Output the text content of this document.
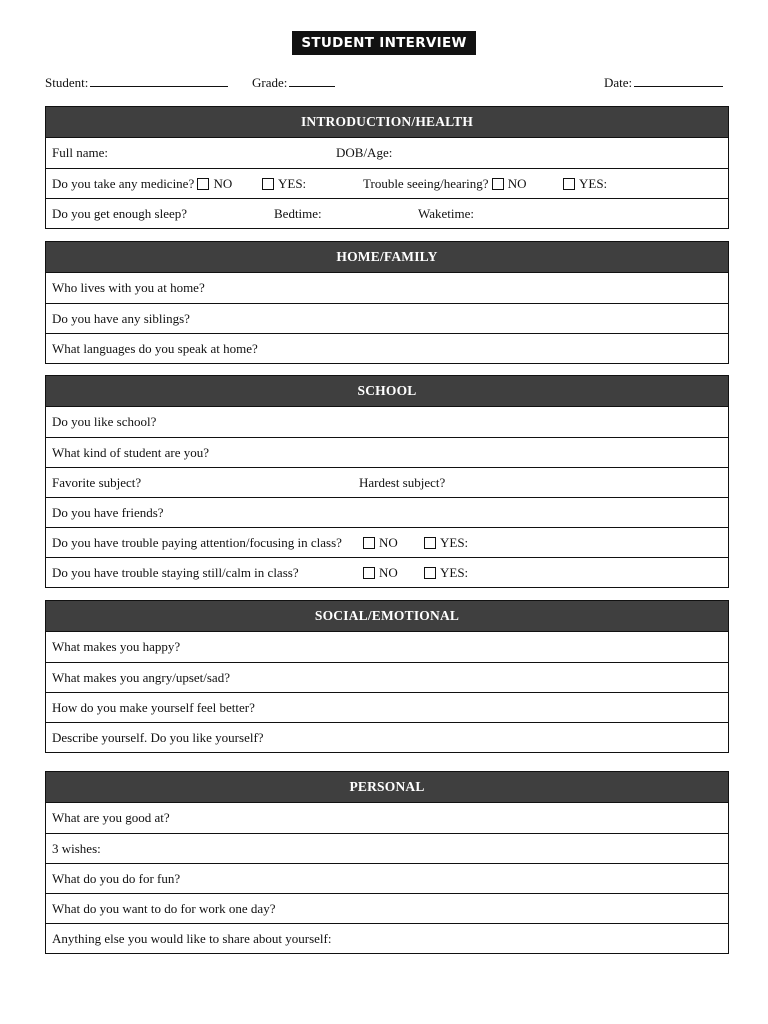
STUDENT INTERVIEW
Student:	Grade:	Date:
INTRODUCTION/HEALTH
Full name:	DOB/Age:
Do you take any medicine? NO	YES:	Trouble seeing/hearing? NO	YES:
Do you get enough sleep?	Bedtime:	Waketime:
HOME/FAMILY
Who lives with you at home?
Do you have any siblings?
What languages do you speak at home?
SCHOOL
Do you like school?
What kind of student are you?
Favorite subject?	Hardest subject?
Do you have friends?
Do you have trouble paying attention/focusing in class?	NO	YES:
Do you have trouble staying still/calm in class?	NO	YES:
SOCIAL/EMOTIONAL
What makes you happy?
What makes you angry/upset/sad?
How do you make yourself feel better?
Describe yourself. Do you like yourself?
PERSONAL
What are you good at?
3 wishes:
What do you do for fun?
What do you want to do for work one day?
Anything else you would like to share about yourself:
